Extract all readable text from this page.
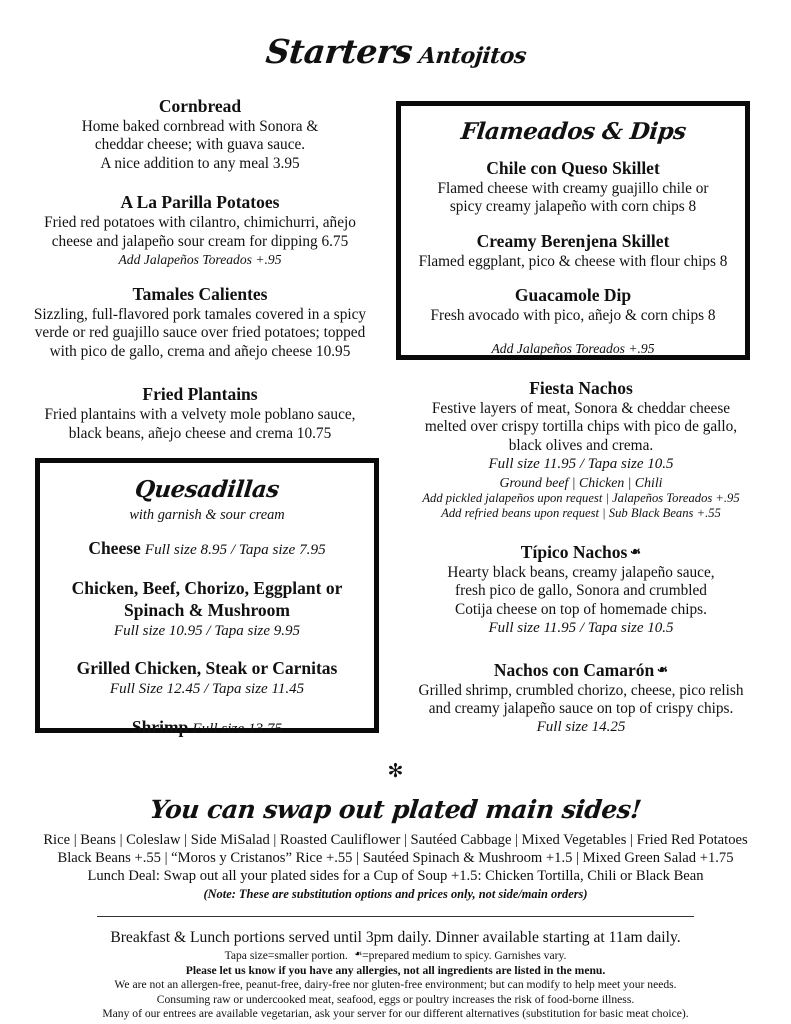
Starters Antojitos
Cornbread
Home baked cornbread with Sonora &
cheddar cheese; with guava sauce.
A nice addition to any meal 3.95
A La Parilla Potatoes
Fried red potatoes with cilantro, chimichurri, añejo
cheese and jalapeño sour cream for dipping 6.75
Add Jalapeños Toreados +.95
Tamales Calientes
Sizzling, full-flavored pork tamales covered in a spicy
verde or red guajillo sauce over fried potatoes; topped
with pico de gallo, crema and añejo cheese 10.95
Fried Plantains
Fried plantains with a velvety mole poblano sauce,
black beans, añejo cheese and crema 10.75
Flameados & Dips
Chile con Queso Skillet
Flamed cheese with creamy guajillo chile or
spicy creamy jalapeño with corn chips 8
Creamy Berenjena Skillet
Flamed eggplant, pico & cheese with flour chips 8
Guacamole Dip
Fresh avocado with pico, añejo & corn chips 8
Add Jalapeños Toreados +.95
Quesadillas
with garnish & sour cream
Cheese Full size 8.95 / Tapa size 7.95
Chicken, Beef, Chorizo, Eggplant or
Spinach & Mushroom
Full size 10.95 / Tapa size 9.95
Grilled Chicken, Steak or Carnitas
Full Size 12.45 / Tapa size 11.45
Shrimp Full size 13.75
Fiesta Nachos
Festive layers of meat, Sonora & cheddar cheese
melted over crispy tortilla chips with pico de gallo,
black olives and crema.
Full size 11.95 / Tapa size 10.5
Ground beef | Chicken | Chili
Add pickled jalapeños upon request | Jalapeños Toreados +.95
Add refried beans upon request | Sub Black Beans +.55
Típico Nachos ❧
Hearty black beans, creamy jalapeño sauce,
fresh pico de gallo, Sonora and crumbled
Cotija cheese on top of homemade chips.
Full size 11.95 / Tapa size 10.5
Nachos con Camarón ❧
Grilled shrimp, crumbled chorizo, cheese, pico relish
and creamy jalapeño sauce on top of crispy chips.
Full size 14.25
✻
You can swap out plated main sides!
Rice | Beans | Coleslaw | Side MiSalad | Roasted Cauliflower | Sautéed Cabbage | Mixed Vegetables | Fried Red Potatoes
Black Beans +.55 | “Moros y Cristanos” Rice +.55 | Sautéed Spinach & Mushroom +1.5 | Mixed Green Salad +1.75
Lunch Deal: Swap out all your plated sides for a Cup of Soup +1.5: Chicken Tortilla, Chili or Black Bean
(Note: These are substitution options and prices only, not side/main orders)
Breakfast & Lunch portions served until 3pm daily. Dinner available starting at 11am daily.
Tapa size=smaller portion. ❧=prepared medium to spicy. Garnishes vary.
Please let us know if you have any allergies, not all ingredients are listed in the menu.
We are not an allergen-free, peanut-free, dairy-free nor gluten-free environment; but can modify to help meet your needs.
Consuming raw or undercooked meat, seafood, eggs or poultry increases the risk of food-borne illness.
Many of our entrees are available vegetarian, ask your server for our different alternatives (substitution for basic meat choice).
